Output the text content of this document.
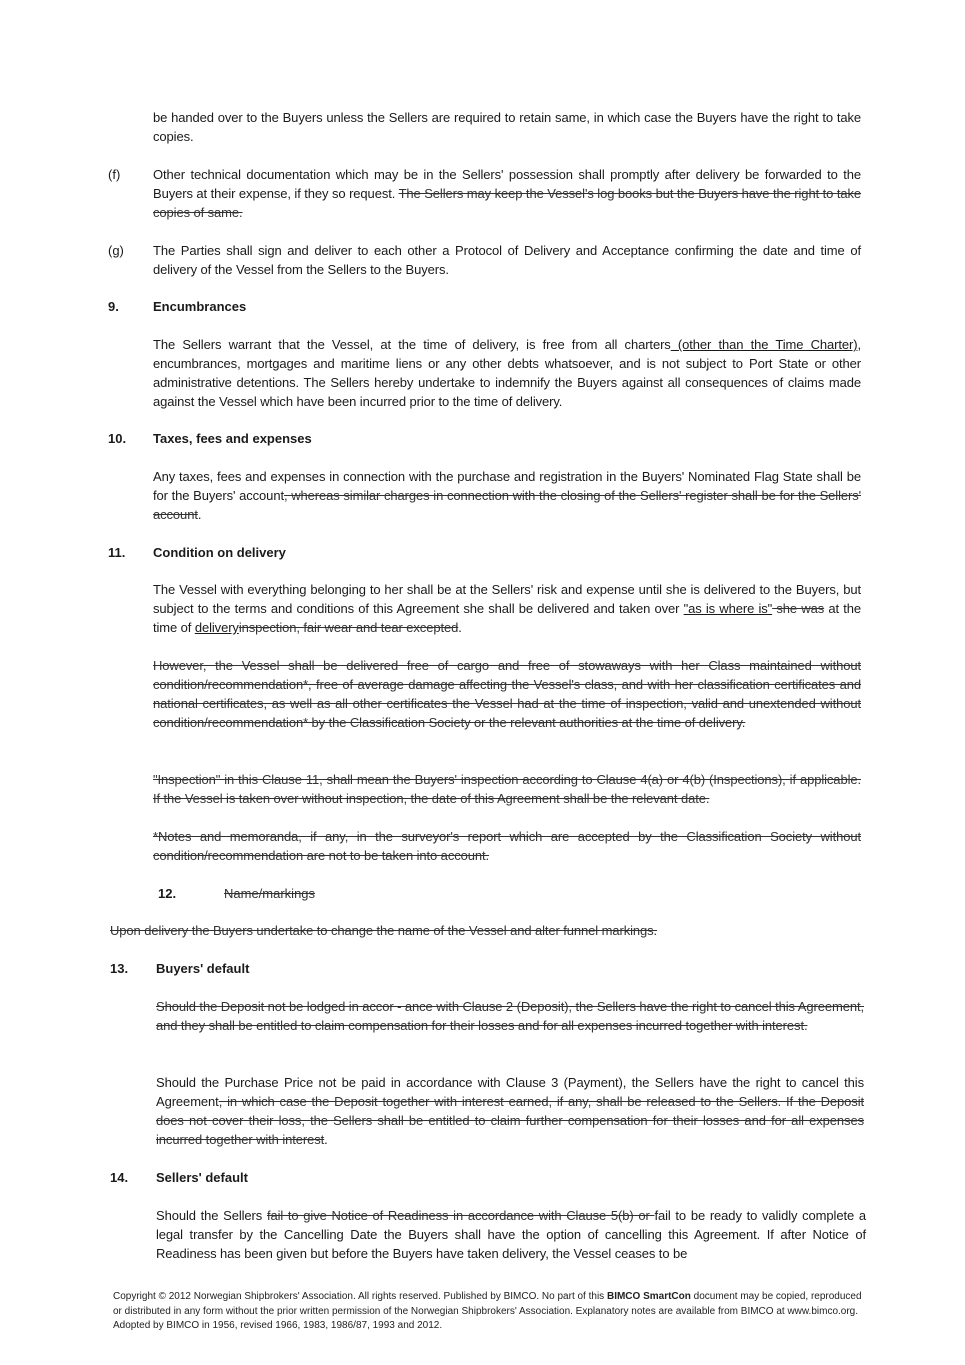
be handed over to the Buyers unless the Sellers are required to retain same, in which case the Buyers have the right to take copies.
(f)	Other technical documentation which may be in the Sellers' possession shall promptly after delivery be forwarded to the Buyers at their expense, if they so request. The Sellers may keep the Vessel's log books but the Buyers have the right to take copies of same.
(g) The Parties shall sign and deliver to each other a Protocol of Delivery and Acceptance confirming the date and time of delivery of the Vessel from the Sellers to the Buyers.
9.	Encumbrances
The Sellers warrant that the Vessel, at the time of delivery, is free from all charters (other than the Time Charter), encumbrances, mortgages and maritime liens or any other debts whatsoever, and is not subject to Port State or other administrative detentions. The Sellers hereby undertake to indemnify the Buyers against all consequences of claims made against the Vessel which have been incurred prior to the time of delivery.
10. Taxes, fees and expenses
Any taxes, fees and expenses in connection with the purchase and registration in the Buyers' Nominated Flag State shall be for the Buyers' account, whereas similar charges in connection with the closing of the Sellers' register shall be for the Sellers' account.
11. Condition on delivery
The Vessel with everything belonging to her shall be at the Sellers' risk and expense until she is delivered to the Buyers, but subject to the terms and conditions of this Agreement she shall be delivered and taken over "as is where is" she was at the time of deliveryinspection, fair wear and tear excepted.
However, the Vessel shall be delivered free of cargo and free of stowaways with her Class maintained without condition/recommendation*, free of average damage affecting the Vessel's class, and with her classification certificates and national certificates, as well as all other certificates the Vessel had at the time of inspection, valid and unextended without condition/recommendation* by the Classification Society or the relevant authorities at the time of delivery.
"Inspection" in this Clause 11, shall mean the Buyers' inspection according to Clause 4(a) or 4(b) (Inspections), if applicable. If the Vessel is taken over without inspection, the date of this Agreement shall be the relevant date.
*Notes and memoranda, if any, in the surveyor's report which are accepted by the Classification Society without condition/recommendation are not to be taken into account.
12.	Name/markings
Upon delivery the Buyers undertake to change the name of the Vessel and alter funnel markings.
13. Buyers' default
Should the Deposit not be lodged in accor - ance with Clause 2 (Deposit), the Sellers have the right to cancel this Agreement, and they shall be entitled to claim compensation for their losses and for all expenses incurred together with interest.
Should the Purchase Price not be paid in accordance with Clause 3 (Payment), the Sellers have the right to cancel this Agreement, in which case the Deposit together with interest earned, if any, shall be released to the Sellers. If the Deposit does not cover their loss, the Sellers shall be entitled to claim further compensation for their losses and for all expenses incurred together with interest.
14. Sellers' default
Should the Sellers fail to give Notice of Readiness in accordance with Clause 5(b) or fail to be ready to validly complete a legal transfer by the Cancelling Date the Buyers shall have the option of cancelling this Agreement. If after Notice of Readiness has been given but before the Buyers have taken delivery, the Vessel ceases to be
Copyright © 2012 Norwegian Shipbrokers' Association. All rights reserved. Published by BIMCO. No part of this BIMCO SmartCon document may be copied, reproduced or distributed in any form without the prior written permission of the Norwegian Shipbrokers' Association. Explanatory notes are available from BIMCO at www.bimco.org. Adopted by BIMCO in 1956, revised 1966, 1983, 1986/87, 1993 and 2012.
